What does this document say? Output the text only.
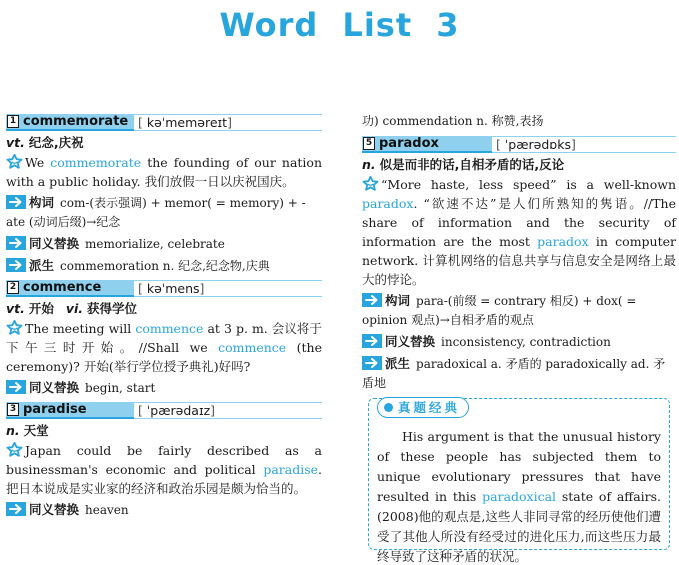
Word List 3
1 commemorate [ kəˈmeməreɪt]
vt. 纪念,庆祝
We commemorate the founding of our nation with a public holiday. 我们放假一日以庆祝国庆。
构词 com-(表示强调) + memor( = memory) + -ate (动词后缀)→纪念
同义替换 memorialize, celebrate
派生 commemoration n. 纪念,纪念物,庆典
2 commence	[ kəˈmens]
vt. 开始 vi. 获得学位
The meeting will commence at 3 p. m. 会议将于下午三时开始。//Shall we commence (the ceremony)? 开始(举行学位授予典礼)好吗?
同义替换 begin, start
3 paradise	[ ˈpærədaɪz]
n. 天堂
Japan could be fairly described as a businessman's economic and political paradise. 把日本说成是实业家的经济和政治乐园是颇为恰当的。
同义替换 heaven
功) commendation n. 称赞,表扬
5 paradox	[ ˈpærədɒks]
n. 似是而非的话,自相矛盾的话,反论
“More haste, less speed” is a well-known paradox. “欲速不达”是人们所熟知的隽语。//The share of information and the security of information are the most paradox in computer network. 计算机网络的信息共享与信息安全是网络上最大的悖论。
构词 para-(前缀 = contrary 相反) + dox( = opinion 观点)→自相矛盾的观点
同义替换 inconsistency, contradiction
派生 paradoxical a. 矛盾的 paradoxically ad. 矛盾地
真题经典
His argument is that the unusual history of these people has subjected them to unique evolutionary pressures that have resulted in this paradoxical state of affairs. (2008)他的观点是,这些人非同寻常的经历使他们遭受了其他人所没有经受过的进化压力,而这些压力最终导致了这种矛盾的状况。
